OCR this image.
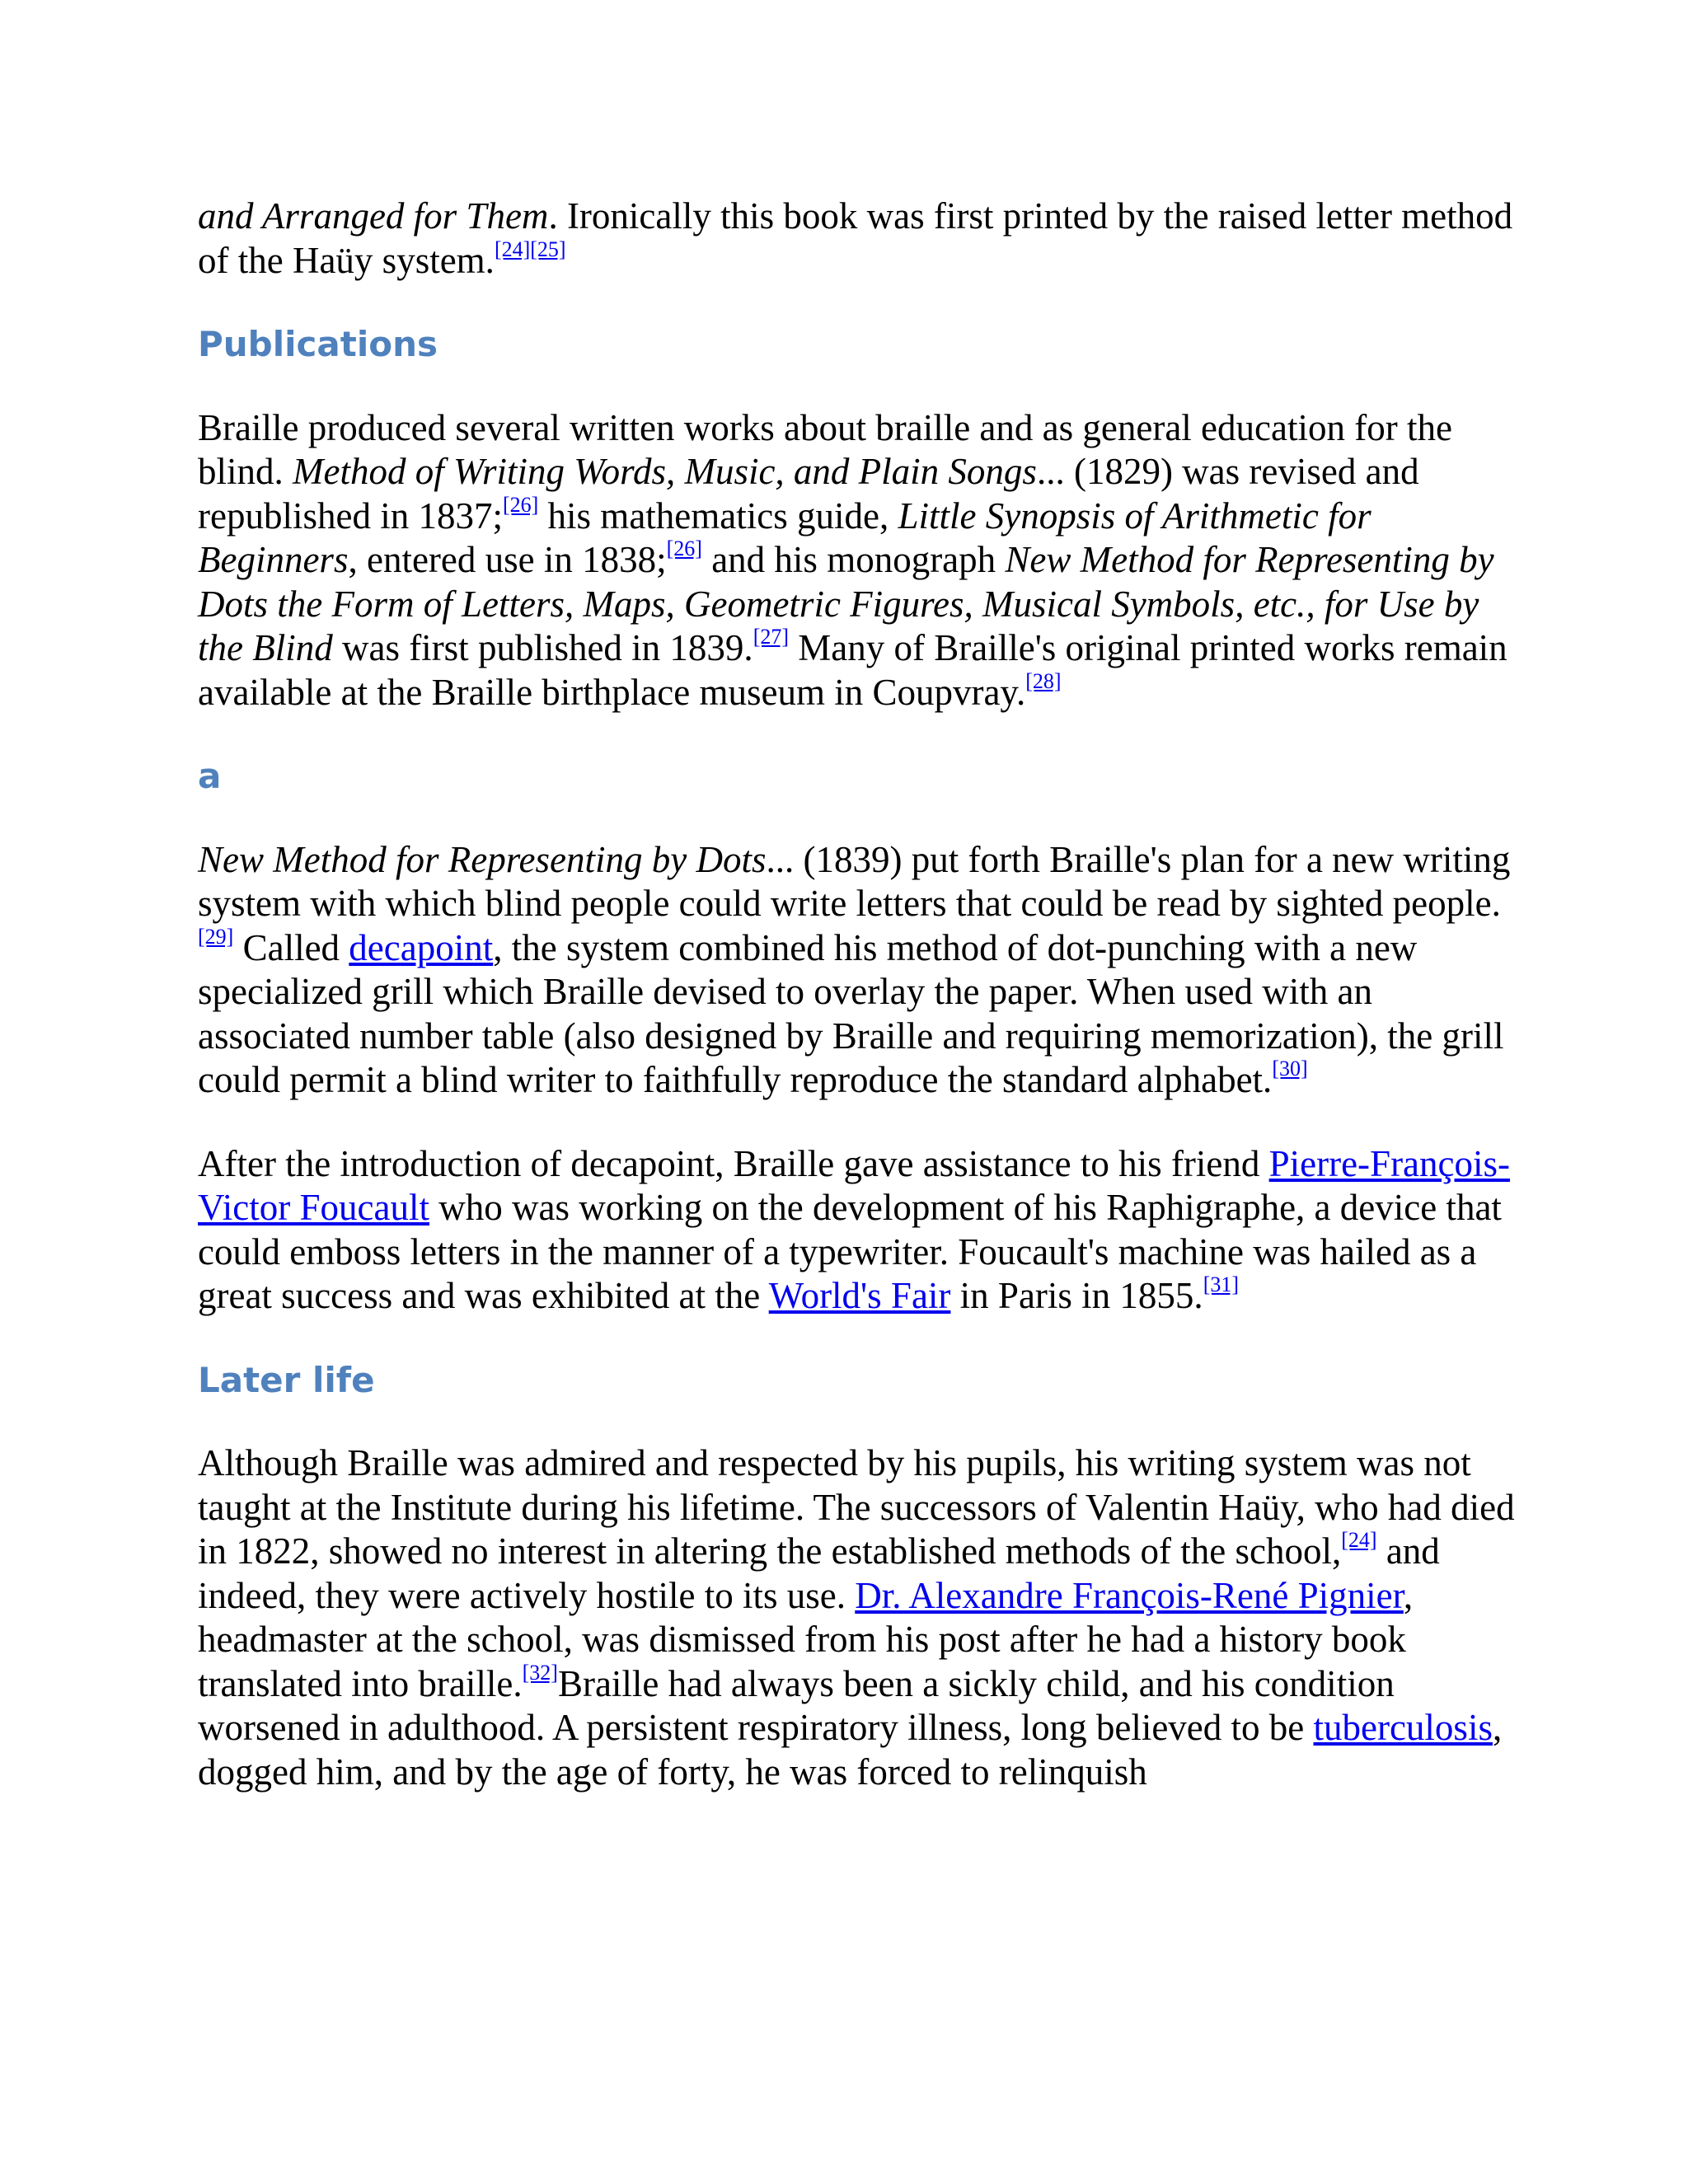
and Arranged for Them. Ironically this book was first printed by the raised letter method of the Haüy system.[24][25]

Publications

Braille produced several written works about braille and as general education for the blind. Method of Writing Words, Music, and Plain Songs... (1829) was revised and republished in 1837;[26] his mathematics guide, Little Synopsis of Arithmetic for Beginners, entered use in 1838;[26] and his monograph New Method for Representing by Dots the Form of Letters, Maps, Geometric Figures, Musical Symbols, etc., for Use by the Blind was first published in 1839.[27] Many of Braille's original printed works remain available at the Braille birthplace museum in Coupvray.[28]

a

New Method for Representing by Dots... (1839) put forth Braille's plan for a new writing system with which blind people could write letters that could be read by sighted people.[29] Called decapoint, the system combined his method of dot-punching with a new specialized grill which Braille devised to overlay the paper. When used with an associated number table (also designed by Braille and requiring memorization), the grill could permit a blind writer to faithfully reproduce the standard alphabet.[30]

After the introduction of decapoint, Braille gave assistance to his friend Pierre-François-Victor Foucault who was working on the development of his Raphigraphe, a device that could emboss letters in the manner of a typewriter. Foucault's machine was hailed as a great success and was exhibited at the World's Fair in Paris in 1855.[31]

Later life

Although Braille was admired and respected by his pupils, his writing system was not taught at the Institute during his lifetime. The successors of Valentin Haüy, who had died in 1822, showed no interest in altering the established methods of the school,[24] and indeed, they were actively hostile to its use. Dr. Alexandre François-René Pignier, headmaster at the school, was dismissed from his post after he had a history book translated into braille.[32]Braille had always been a sickly child, and his condition worsened in adulthood. A persistent respiratory illness, long believed to be tuberculosis, dogged him, and by the age of forty, he was forced to relinquish
